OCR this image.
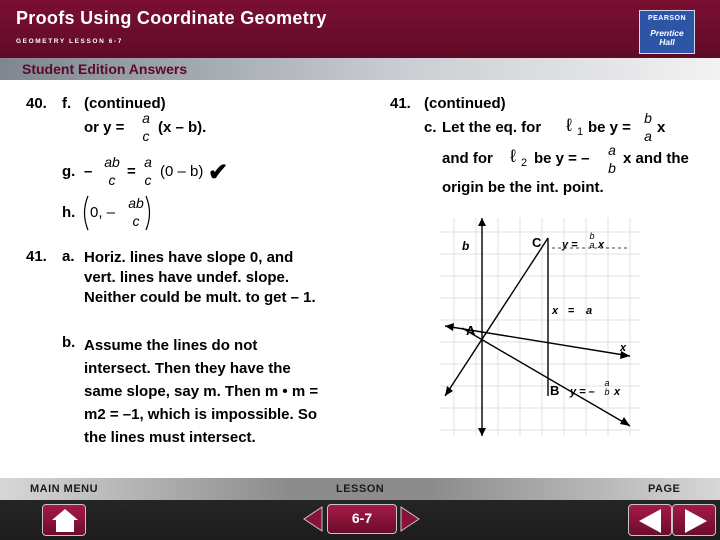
Proofs Using Coordinate Geometry
GEOMETRY LESSON 6-7
PEARSON
Prentice
Hall
Student Edition Answers
40. f. (continued)
or y =
a
c (x – b).
g. –
ab
c =
a
c (0 – b) ✔
h. 0, –
ab
c
41. a. Horiz. lines have slope 0, and
vert. lines have undef. slope.
Neither could be mult. to get – 1.
b. Assume the lines do not
intersect. Then they have the
same slope, say m. Then m • m =
m2 = –1, which is impossible. So
the lines must intersect.
41. (continued)
c. Let the eq. for ℓ 1 be y =
b
a x
and for ℓ 2 be y = – a
b
x and the
origin be the int. point.
b	C y =
b
a x
A
x
x = a
B y = –
a
b x
MAIN MENU	LESSON	PAGE
6-7
